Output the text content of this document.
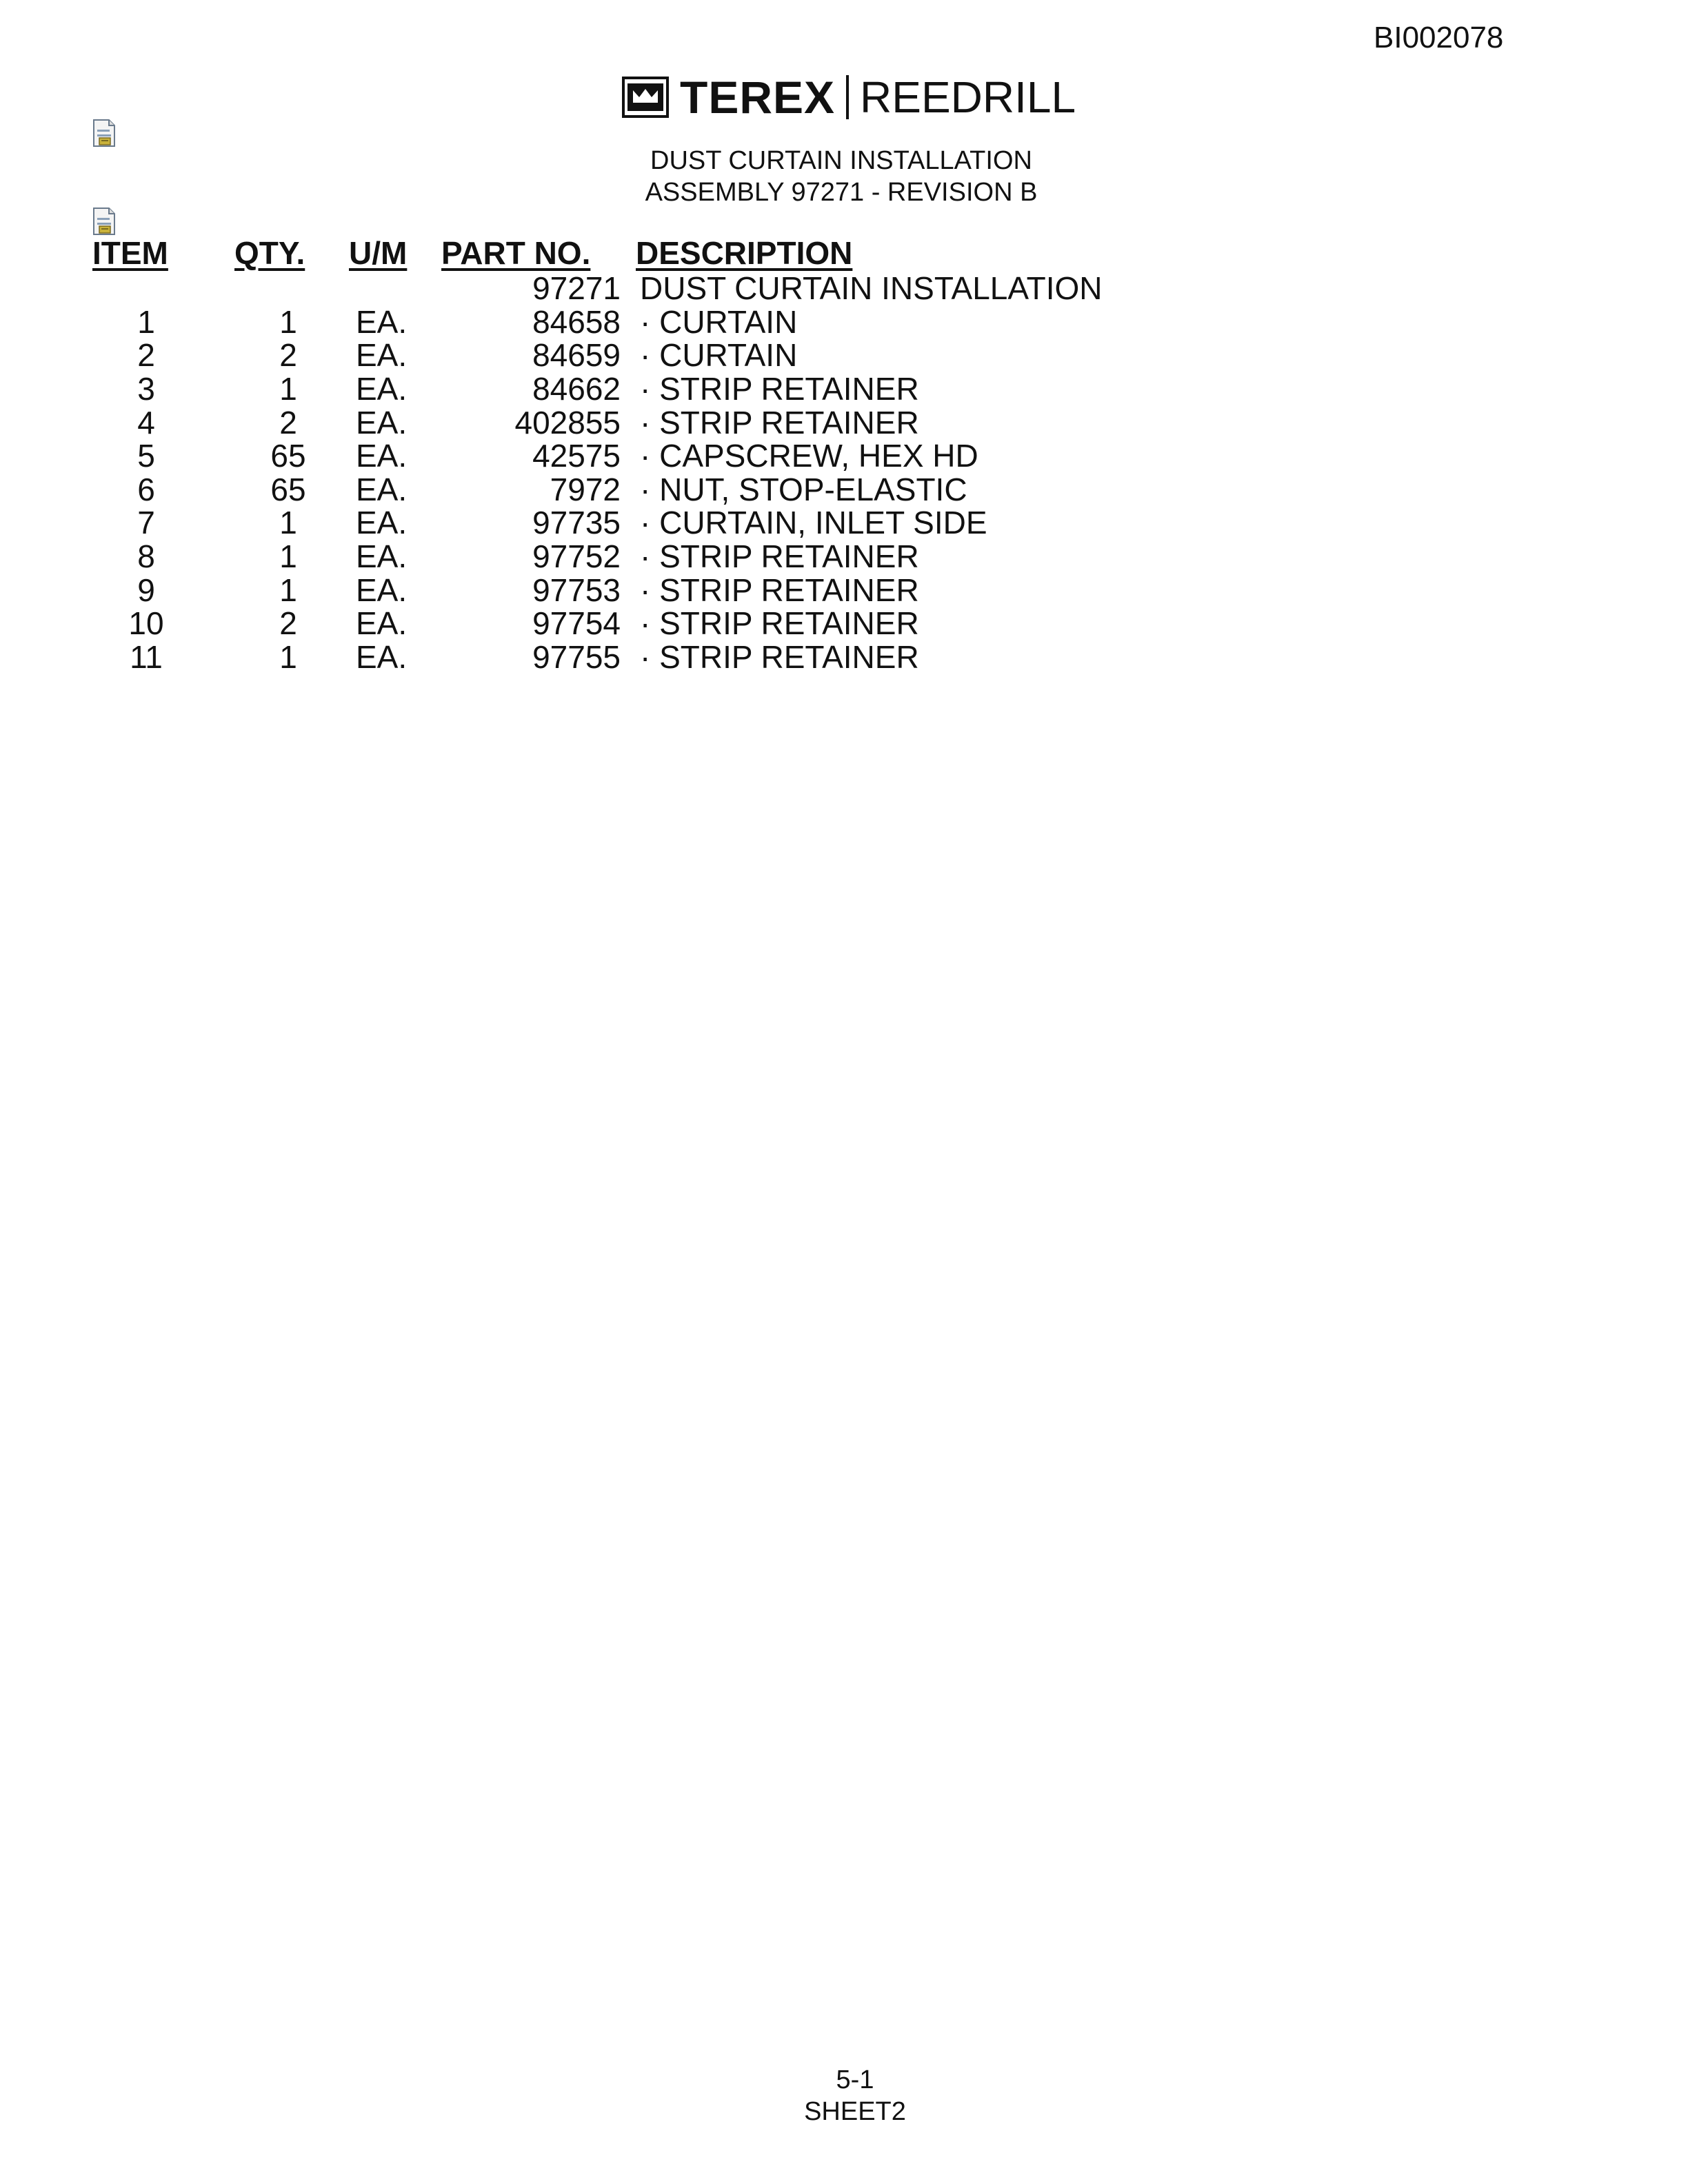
BI002078
TEREX REEDRILL
DUST CURTAIN INSTALLATION
ASSEMBLY 97271 - REVISION B
ITEM	QTY.	U/M	PART NO.	DESCRIPTION
			97271	DUST CURTAIN INSTALLATION
1	1	EA.	84658	· CURTAIN
2	2	EA.	84659	· CURTAIN
3	1	EA.	84662	· STRIP RETAINER
4	2	EA.	402855	· STRIP RETAINER
5	65	EA.	42575	· CAPSCREW, HEX HD
6	65	EA.	7972	· NUT, STOP-ELASTIC
7	1	EA.	97735	· CURTAIN, INLET SIDE
8	1	EA.	97752	· STRIP RETAINER
9	1	EA.	97753	· STRIP RETAINER
10	2	EA.	97754	· STRIP RETAINER
11	1	EA.	97755	· STRIP RETAINER
5-1
SHEET2
